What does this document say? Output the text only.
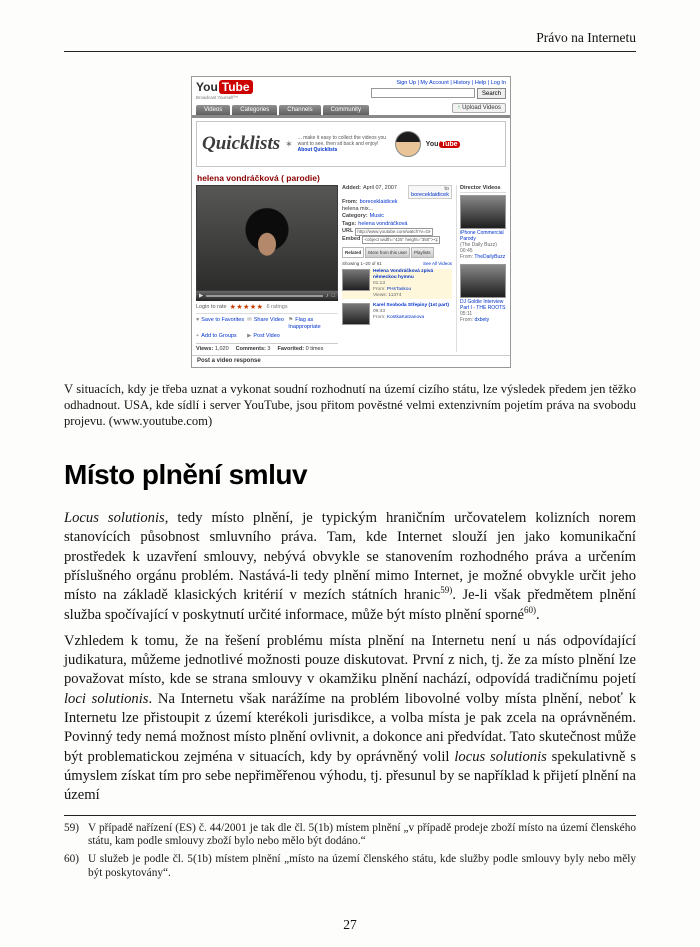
Právo na Internetu
You Tube
Broadcast Yourself™
Sign Up | My Account | History | Help | Log In
Search
Videos	Categories	Channels	Community	↑ Upload Videos
Quicklists ✶
... make it easy to collect the videos you want to see, then sit back and enjoy!
About Quicklists
You Tube
helena vondráčková ( parodie)
▶	♪ □
Login to rate ★★★★★ 6 ratings
♥ Save to Favorites ✉ Share Video ⚑ Flag as Inappropriate
+ Add to Groups	▶ Post Video
Views: 1,020 Comments: 3 Favorited: 0 times
Added: April 07, 2007	to
boreceklaidicek
From: boreceklaidicek
helena mix...
Category: Music
Tags: helena vondráčková
URL
http://www.youtube.com/watch?v=GHRd
Embed
<object width="425" height="350"><pa
Related	More from this user	Playlists
Showing 1–20 of 61	See All Videos
Helena Vondráčková zpívá německou hymnu
01:13
From: PHsTaskou
Views: 11374
Karel Svoboda Střepiny (1st part)
09:43
From: KostkaKatzanova
Director Videos
iPhone Commercial Parody
(The Daily Buzz)
00:45
From: TheDailyBuzz
DJ Goldie Interview Part I - THE ROOTS
05:11
From: dxbety
Post a video response

V situacích, kdy je třeba uznat a vykonat soudní rozhodnutí na území cizího státu, lze výsledek předem jen těžko odhadnout. USA, kde sídlí i server YouTube, jsou přitom pověstné velmi extenzivním pojetím práva na svobodu projevu. (www.youtube.com)

Místo plnění smluv

Locus solutionis, tedy místo plnění, je typickým hraničním určovatelem kolizních norem stanovících působnost smluvního práva. Tam, kde Internet slouží jen jako komunikační prostředek k uzavření smlouvy, nebývá obvykle se stanovením rozhodného práva a určením příslušného orgánu problém. Nastává-li tedy plnění mimo Internet, je možné obvykle určit jeho místo na základě klasických kritérií v mezích státních hranic$^{59)}$. Je-li však předmětem plnění služba spočívající v poskytnutí určité informace, může být místo plnění sporné$^{60)}$.

Vzhledem k tomu, že na řešení problému místa plnění na Internetu není u nás odpovídající judikatura, můžeme jednotlivé možnosti pouze diskutovat. První z nich, tj. že za místo plnění lze považovat místo, kde se strana smlouvy v okamžiku plnění nachází, odpovídá tradičnímu pojetí loci solutionis. Na Internetu však narážíme na problém libovolné volby místa plnění, neboť k Internetu lze přistoupit z území kterékoli jurisdikce, a volba místa je pak zcela na oprávněném. Povinný tedy nemá možnost místo plnění ovlivnit, a dokonce ani předvídat. Tato skutečnost může být problematickou zejména v situacích, kdy by oprávněný volil locus solutionis spekulativně s úmyslem získat tím pro sebe nepřiměřenou výhodu, tj. přesunul by se například k přijetí plnění na území

59) V případě nařízení (ES) č. 44/2001 je tak dle čl. 5(1b) místem plnění „v případě prodeje zboží místo na území členského státu, kam podle smlouvy zboží bylo nebo mělo být dodáno.“
60) U služeb je podle čl. 5(1b) místem plnění „místo na území členského státu, kde služby podle smlouvy byly nebo měly být poskytovány“.
27
